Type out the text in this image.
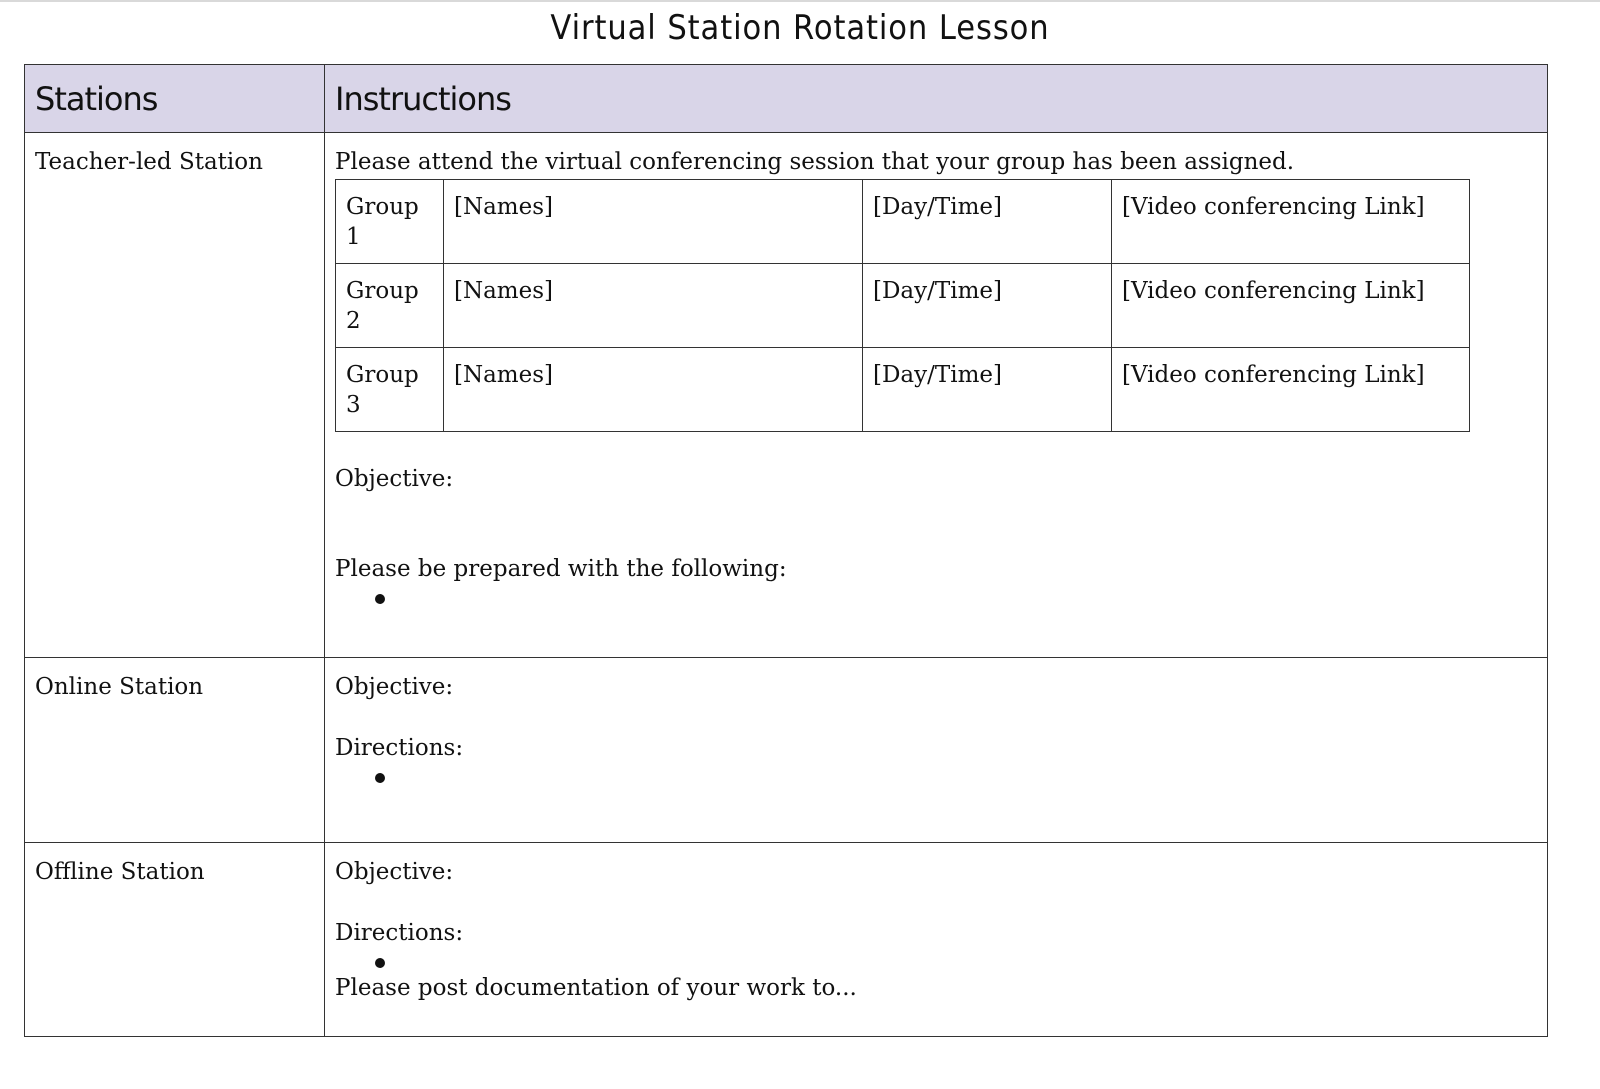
Virtual Station Rotation Lesson
Stations	Instructions

Teacher-led Station	Please attend the virtual conferencing session that your group has been assigned.
Group 1	[Names]	[Day/Time]	[Video conferencing Link]
Group 2	[Names]	[Day/Time]	[Video conferencing Link]
Group 3	[Names]	[Day/Time]	[Video conferencing Link]
Objective:
Please be prepared with the following:

Online Station	Objective:
Directions:

Offline Station	Objective:
Directions:
Please post documentation of your work to...
